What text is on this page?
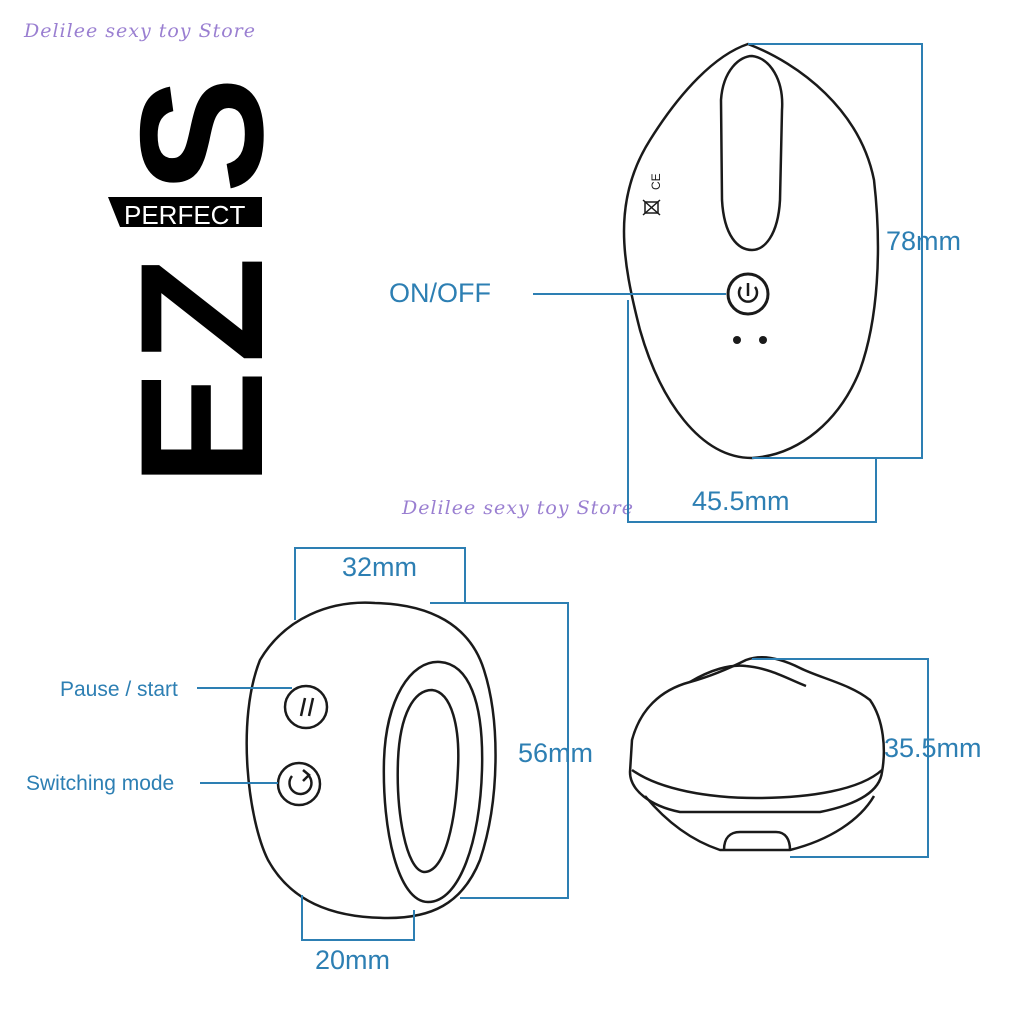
Delilee sexy toy Store
Delilee sexy toy Store
S
PERFECT
Z
E
CE
78mm
45.5mm
ON/OFF
32mm
56mm
20mm
Pause / start
Switching mode
35.5mm
